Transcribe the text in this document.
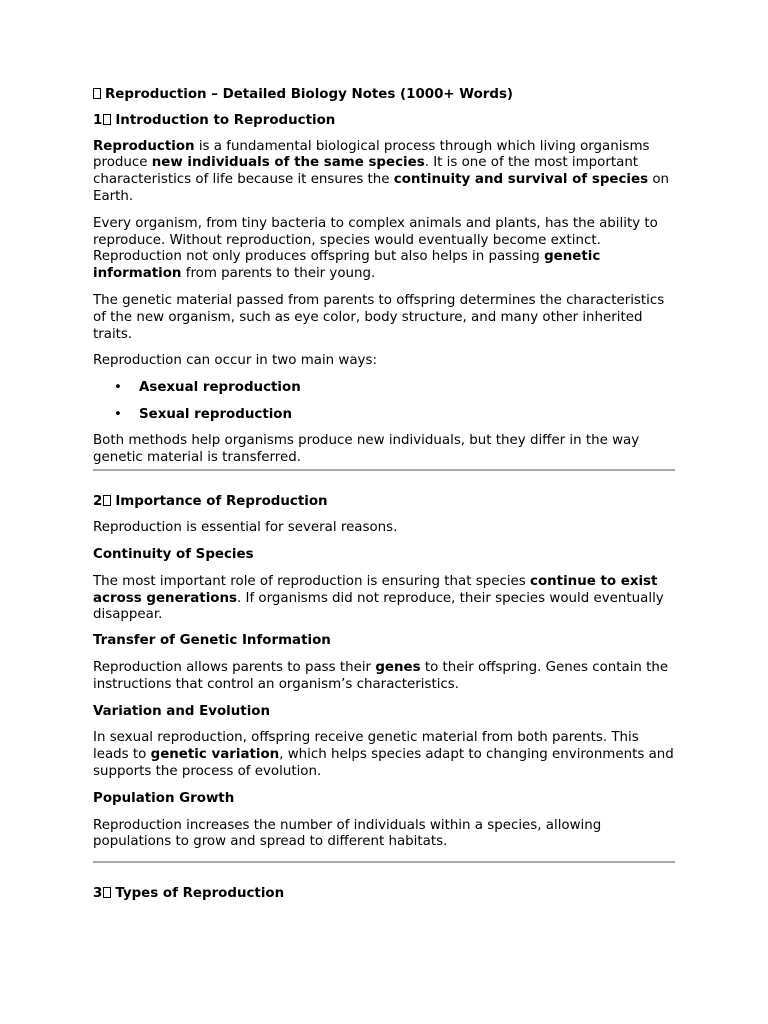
Reproduction – Detailed Biology Notes (1000+ Words)

1 Introduction to Reproduction

Reproduction is a fundamental biological process through which living organisms produce new individuals of the same species. It is one of the most important characteristics of life because it ensures the continuity and survival of species on Earth.

Every organism, from tiny bacteria to complex animals and plants, has the ability to reproduce. Without reproduction, species would eventually become extinct. Reproduction not only produces offspring but also helps in passing genetic information from parents to their young.

The genetic material passed from parents to offspring determines the characteristics of the new organism, such as eye color, body structure, and many other inherited traits.

Reproduction can occur in two main ways:

• Asexual reproduction
• Sexual reproduction

Both methods help organisms produce new individuals, but they differ in the way genetic material is transferred.

2 Importance of Reproduction

Reproduction is essential for several reasons.

Continuity of Species

The most important role of reproduction is ensuring that species continue to exist across generations. If organisms did not reproduce, their species would eventually disappear.

Transfer of Genetic Information

Reproduction allows parents to pass their genes to their offspring. Genes contain the instructions that control an organism’s characteristics.

Variation and Evolution

In sexual reproduction, offspring receive genetic material from both parents. This leads to genetic variation, which helps species adapt to changing environments and supports the process of evolution.

Population Growth

Reproduction increases the number of individuals within a species, allowing populations to grow and spread to different habitats.

3 Types of Reproduction
